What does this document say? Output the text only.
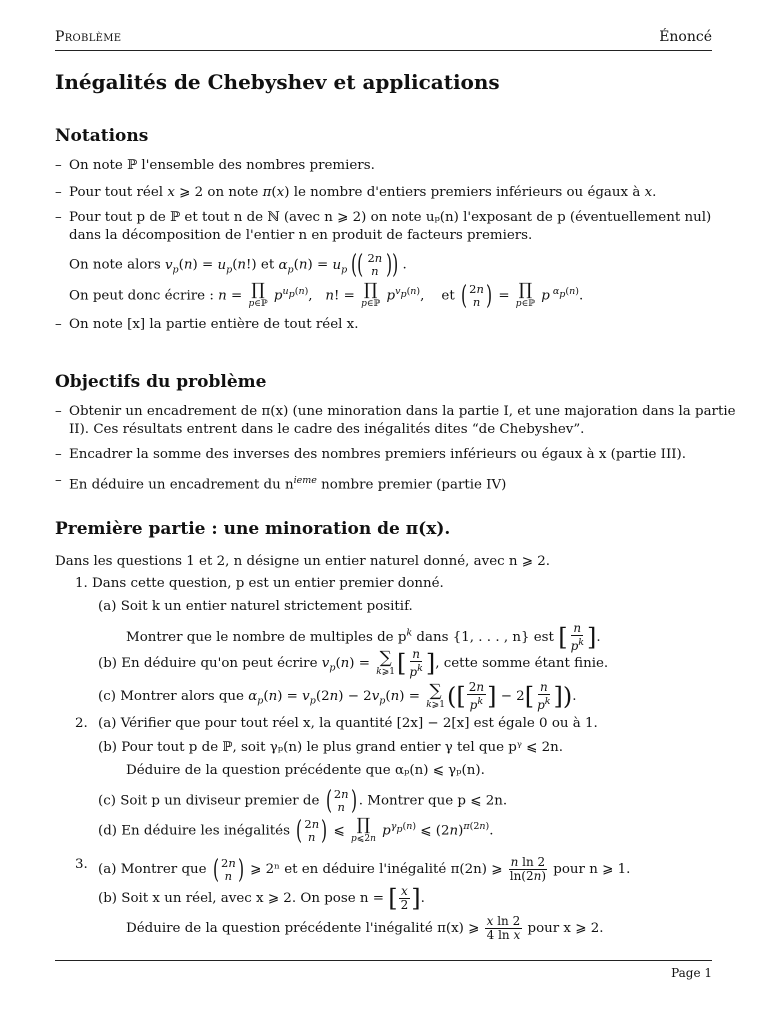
Problème	Énoncé
Inégalités de Chebyshev et applications
Notations
– On note ℙ l'ensemble des nombres premiers.
– Pour tout réel x ⩾ 2 on note π(x) le nombre d'entiers premiers inférieurs ou égaux à x.
– Pour tout p de ℙ et tout n de ℕ (avec n ⩾ 2) on note uₚ(n) l'exposant de p (éventuellement nul)
dans la décomposition de l'entier n en produit de facteurs premiers.
On note alors $v_p(n) = u_p(n!)$ et $\alpha_p(n) = u_p$ (( 2n
n )) .
On peut donc écrire : n = ∏
p∈ℙ
$p^{u_p(n)}$,   n! = ∏
p∈ℙ
$p^{v_p(n)}$,    et ( 2n
n ) = ∏
p∈ℙ
p $^{\alpha_p(n)}$.
– On note [x] la partie entière de tout réel x.
Objectifs du problème
– Obtenir un encadrement de π(x) (une minoration dans la partie I, et une majoration dans la partie
II). Ces résultats entrent dans le cadre des inégalités dites “de Chebyshev”.
– Encadrer la somme des inverses des nombres premiers inférieurs ou égaux à x (partie III).
– En déduire un encadrement du $n^{ieme}$ nombre premier (partie IV)
Première partie : une minoration de π(x).
Dans les questions 1 et 2, n désigne un entier naturel donné, avec n ⩾ 2.
1. Dans cette question, p est un entier premier donné.
(a) Soit k un entier naturel strictement positif.
Montrer que le nombre de multiples de $p^k$ dans {1, . . . , n} est [ $\frac{n}{p^k}$ ].
(b) En déduire qu'on peut écrire $v_p(n)$ = ∑
k⩾1 [ $\frac{n}{p^k}$ ], cette somme étant finie.
(c) Montrer alors que $\alpha_p(n) = v_p(2n) - 2v_p(n)$ = ∑
k⩾1 ([ $\frac{2n}{p^k}$ ] − $2[ \frac{n}{p^k}$ ]).
2. (a) Vérifier que pour tout réel x, la quantité [2x] − 2[x] est égale 0 ou à 1.
(b) Pour tout p de ℙ, soit γₚ(n) le plus grand entier γ tel que pᵞ ⩽ 2n.
Déduire de la question précédente que αₚ(n) ⩽ γₚ(n).
(c) Soit p un diviseur premier de ( 2n
n ) . Montrer que p ⩽ 2n.
(d) En déduire les inégalités ( 2n
n ) ⩽ ∏
p⩽2n
$p^{\gamma_p(n)}$ ⩽ $(2n)^{\pi(2n)}$.
3. (a) Montrer que ( 2n
n ) ⩾ 2ⁿ et en déduire l'inégalité π(2n) ⩾ $\frac{\text{n ln 2}}{\ln(2n)}$ pour n ⩾ 1.
(b) Soit x un réel, avec x ⩾ 2. On pose n = [ $\frac{x}{2}$ ].
Déduire de la question précédente l'inégalité π(x) ⩾ $\frac{\text{x ln 2}}{\text{4 ln x}}$ pour x ⩾ 2.
Page 1
